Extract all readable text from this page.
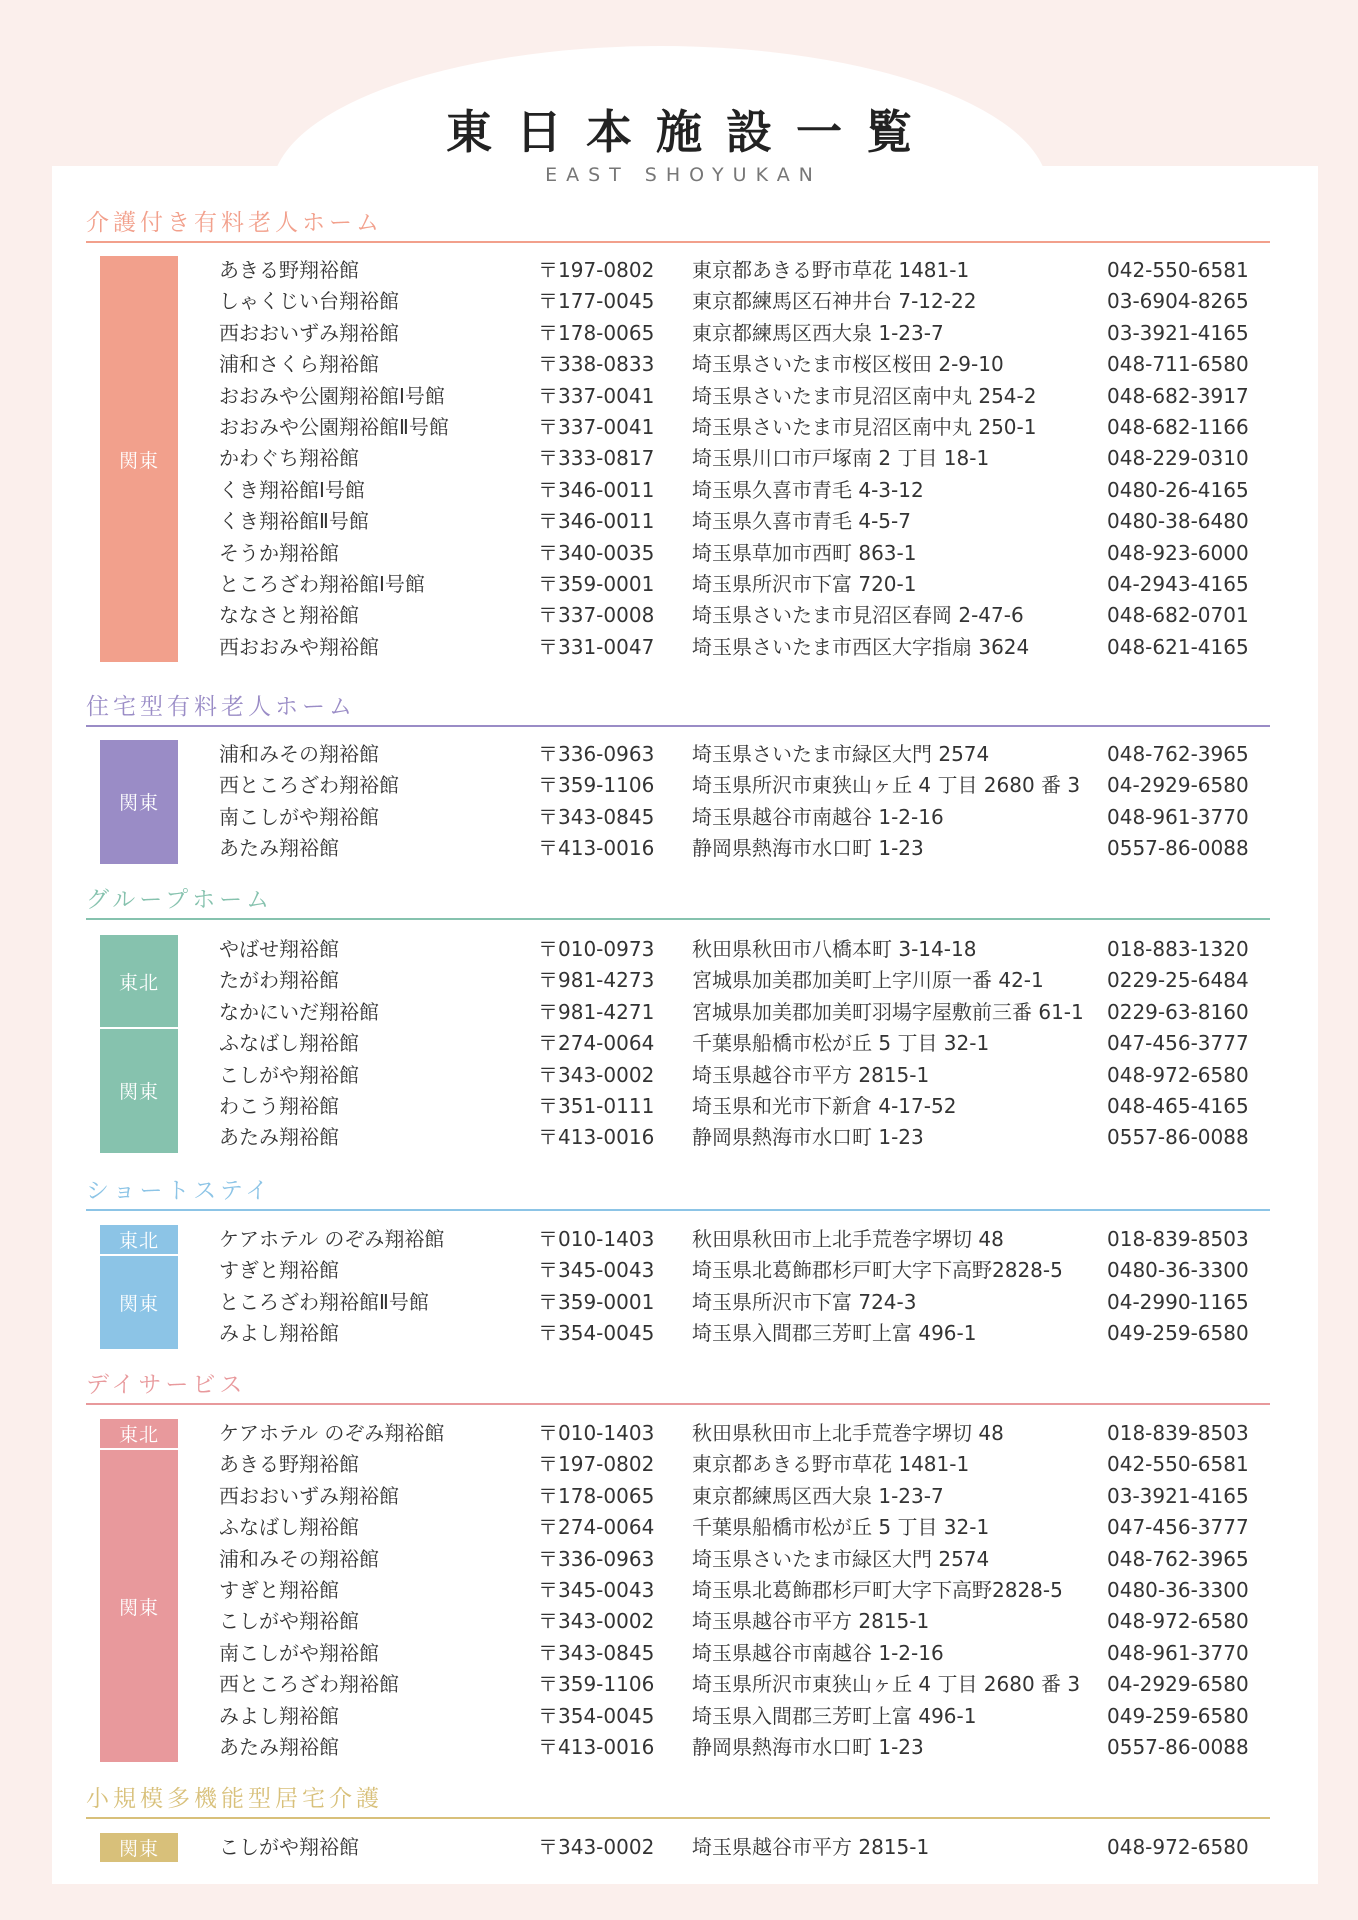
東日本施設一覧
EAST SHOYUKAN
介護付き有料老人ホーム
関東
あきる野翔裕館	〒197-0802 東京都あきる野市草花 1481-1	042-550-6581
しゃくじい台翔裕館	〒177-0045 東京都練馬区石神井台 7-12-22	03-6904-8265
西おおいずみ翔裕館	〒178-0065 東京都練馬区西大泉 1-23-7	03-3921-4165
浦和さくら翔裕館	〒338-0833 埼玉県さいたま市桜区桜田 2-9-10	048-711-6580
おおみや公園翔裕館Ⅰ号館	〒337-0041 埼玉県さいたま市見沼区南中丸 254-2	048-682-3917
おおみや公園翔裕館Ⅱ号館	〒337-0041 埼玉県さいたま市見沼区南中丸 250-1	048-682-1166
かわぐち翔裕館	〒333-0817 埼玉県川口市戸塚南 2 丁目 18-1	048-229-0310
くき翔裕館Ⅰ号館	〒346-0011 埼玉県久喜市青毛 4-3-12	0480-26-4165
くき翔裕館Ⅱ号館	〒346-0011 埼玉県久喜市青毛 4-5-7	0480-38-6480
そうか翔裕館	〒340-0035 埼玉県草加市西町 863-1	048-923-6000
ところざわ翔裕館Ⅰ号館	〒359-0001 埼玉県所沢市下富 720-1	04-2943-4165
ななさと翔裕館	〒337-0008 埼玉県さいたま市見沼区春岡 2-47-6	048-682-0701
西おおみや翔裕館	〒331-0047 埼玉県さいたま市西区大字指扇 3624	048-621-4165
住宅型有料老人ホーム
関東
浦和みその翔裕館	〒336-0963 埼玉県さいたま市緑区大門 2574	048-762-3965
西ところざわ翔裕館	〒359-1106 埼玉県所沢市東狭山ヶ丘 4 丁目 2680 番 3 04-2929-6580
南こしがや翔裕館	〒343-0845 埼玉県越谷市南越谷 1-2-16	048-961-3770
あたみ翔裕館	〒413-0016 静岡県熱海市水口町 1-23	0557-86-0088
グループホーム
東北
やばせ翔裕館	〒010-0973 秋田県秋田市八橋本町 3-14-18	018-883-1320
たがわ翔裕館	〒981-4273 宮城県加美郡加美町上字川原一番 42-1	0229-25-6484
なかにいだ翔裕館	〒981-4271 宮城県加美郡加美町羽場字屋敷前三番 61-1 0229-63-8160
関東
ふなばし翔裕館	〒274-0064 千葉県船橋市松が丘 5 丁目 32-1	047-456-3777
こしがや翔裕館	〒343-0002 埼玉県越谷市平方 2815-1	048-972-6580
わこう翔裕館	〒351-0111 埼玉県和光市下新倉 4-17-52	048-465-4165
あたみ翔裕館	〒413-0016 静岡県熱海市水口町 1-23	0557-86-0088
ショートステイ
東北	ケアホテル のぞみ翔裕館	〒010-1403 秋田県秋田市上北手荒巻字堺切 48	018-839-8503
関東
すぎと翔裕館	〒345-0043 埼玉県北葛飾郡杉戸町大字下高野2828-5 0480-36-3300
ところざわ翔裕館Ⅱ号館	〒359-0001 埼玉県所沢市下富 724-3	04-2990-1165
みよし翔裕館	〒354-0045 埼玉県入間郡三芳町上富 496-1	049-259-6580
デイサービス
東北	ケアホテル のぞみ翔裕館	〒010-1403 秋田県秋田市上北手荒巻字堺切 48	018-839-8503
関東
あきる野翔裕館	〒197-0802 東京都あきる野市草花 1481-1	042-550-6581
西おおいずみ翔裕館	〒178-0065 東京都練馬区西大泉 1-23-7	03-3921-4165
ふなばし翔裕館	〒274-0064 千葉県船橋市松が丘 5 丁目 32-1	047-456-3777
浦和みその翔裕館	〒336-0963 埼玉県さいたま市緑区大門 2574	048-762-3965
すぎと翔裕館	〒345-0043 埼玉県北葛飾郡杉戸町大字下高野2828-5 0480-36-3300
こしがや翔裕館	〒343-0002 埼玉県越谷市平方 2815-1	048-972-6580
南こしがや翔裕館	〒343-0845 埼玉県越谷市南越谷 1-2-16	048-961-3770
西ところざわ翔裕館	〒359-1106 埼玉県所沢市東狭山ヶ丘 4 丁目 2680 番 3 04-2929-6580
みよし翔裕館	〒354-0045 埼玉県入間郡三芳町上富 496-1	049-259-6580
あたみ翔裕館	〒413-0016 静岡県熱海市水口町 1-23	0557-86-0088
小規模多機能型居宅介護
関東	こしがや翔裕館	〒343-0002 埼玉県越谷市平方 2815-1	048-972-6580
